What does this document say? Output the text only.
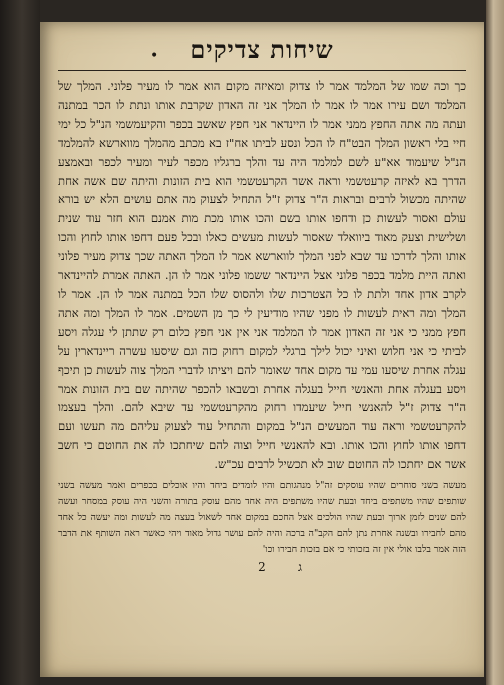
שיחות צדיקים
•

כך וכה שמו של המלמד אמר לו צדוק ומאיזה מקום הוא אמר לו מעיר פלוני. המלך של המלמד ושם עירו אמר לו אמר לו המלך אני זה האדון שקרבת אותו ונתת לו הכר במתנה ועתה מה אתה החפץ ממני אמר לו היינדאר אני חפץ שאשב בכפר והקיעמשמי הנ"ל כל ימי חיי בלי ראשון המלך הבט"ח לו הכל ונסע לביתו אח"ז בא מכתב מהמלך מווארשא להמלמד הנ"ל שיעמוד אא"ע לשם למלמד היה עד והלך ברגליו מכפר לעיר ומעיר לכפר ובאמצע הדרך בא לאיזה קרעטשמי וראה אשר הקרעטשמי הוא בית הזונות והיתה שם אשה אחת שהיתה מכשול לרבים ובראות ה"ר צדוק ז"ל התחיל לצעוק מה אתם עושים הלא יש בורא עולם ואסור לעשות כן ודחפו אותו בשם והכו אותו מכת מות אמנם הוא חזר עוד שנית ושלישית וצעק מאוד ביוואלד שאסור לעשות מעשים כאלו ובכל פעם דחפו אותו לחוץ והכו אותו והלך לדרכו עד שבא לפני המלך לווארשא אמר לו המלך האתה שכך צדוק מעיר פלוני ואתה היית מלמד בכפר פלוני אצל היינדאר ששמו פלוני אמר לו הן. האתה אמרת להיינדאר לקרב אדון אחד ולתת לו כל הצטרכות שלו ולהסוס שלו הכל במתנה אמר לו הן. אמר לו המלך ומה ראית לעשות לו מפני שהיו מודיעין לי כך מן השמים. אמר לו המלך ומה אתה חפץ ממני כי אני זה האדון אמר לו המלמד אני אין אני חפץ כלום רק שתתן לי עגלה ויסע לביתי כי אני חלוש ואיני יכול לילך ברגלי למקום רחוק כזה וגם שיסעו עשרה ריינדארין על עגלה אחרת שיסעו עמי עד מקום אחד שאומר להם ויציתו לדברי המלך צוה לעשות כן תיכף ויסע בעגלה אחת והאנשי חייל בעגלה אחרת ובשבאו להכפר שהיתה שם בית הזונות אמר ה"ר צדוק ז"ל להאנשי חייל שיעמדו רחוק מהקרעטשמי עד שיבא להם. והלך בעצמו להקרעטשמי וראה עוד המעשים הנ"ל במקום והתחיל עוד לצעוק עליהם מה תעשו ועם דחפו אותו לחוץ והכו אותו. ובא להאנשי חייל וצוה להם שיחתכו לה את החוטם כי חשב אשר אם יחתכו לה החוטם שוב לא תכשיל לרבים עכ"ש.

מעשה בשני סוחרים שהיו עוסקים זה"ל מנהגותם והיו לומדים ביחד והיו אוכלים בכפרים ואמר מעשה בשני שותפים שהיו משתפים ביחד ובעת שהיו משתפים היה אחד מהם עוסק בתורה והשני היה עוסק במסחר ועשה להם שנים לזמן ארוך ובעת שהיו הולכים אצל החכם במקום אחד לשאול בעצה מה לעשות ומה יעשה כל אחד מהם לחבירו ובשנה אחרת נתן להם הקב"ה ברכה והיה להם עושר גדול מאוד ויהי כאשר ראה השותף את הדבר הזה אמר בלבו אולי אין זה בזכותי כי אם בזכות חבירו וכו'

ג
2
